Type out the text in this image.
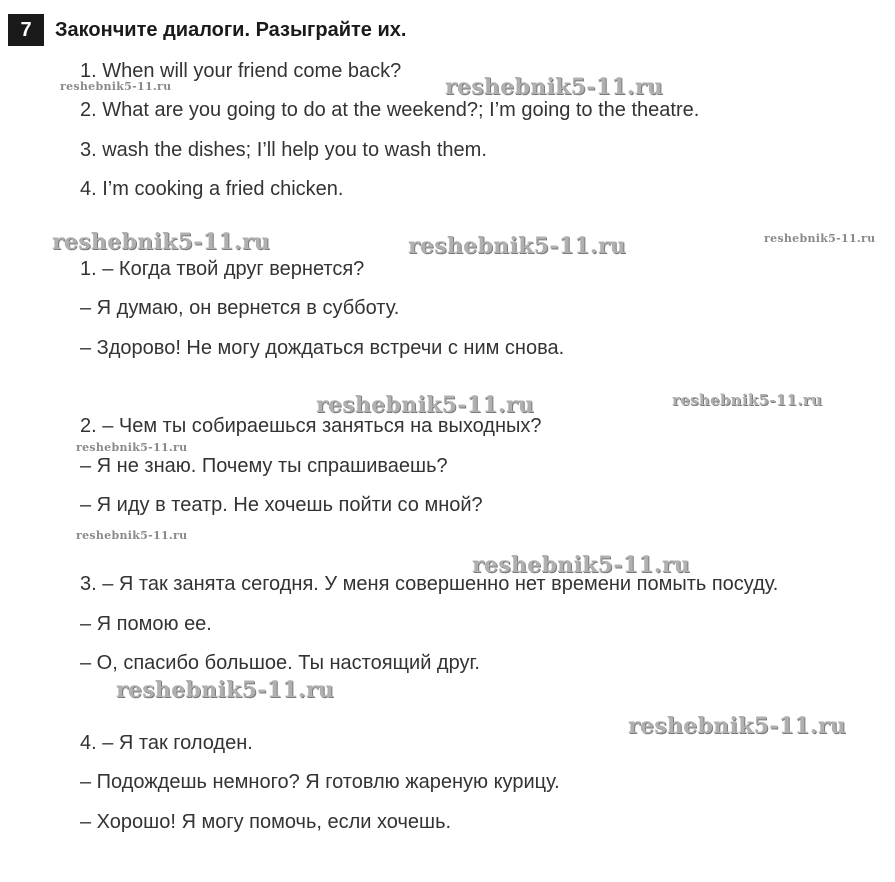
7	Закончите диалоги. Разыграйте их.
1. When will your friend come back?
2. What are you going to do at the weekend?; I’m going to the theatre.
3. wash the dishes; I’ll help you to wash them.
4. I’m cooking a fried chicken.
1. – Когда твой друг вернется?
– Я думаю, он вернется в субботу.
– Здорово! Не могу дождаться встречи с ним снова.
2. – Чем ты собираешься заняться на выходных?
– Я не знаю. Почему ты спрашиваешь?
– Я иду в театр. Не хочешь пойти со мной?
3. – Я так занята сегодня. У меня совершенно нет времени помыть посуду.
– Я помою ее.
– О, спасибо большое. Ты настоящий друг.
4. – Я так голоден.
– Подождешь немного? Я готовлю жареную курицу.
– Хорошо! Я могу помочь, если хочешь.
reshebnik5-11.ru	reshebnik5-11.ru
reshebnik5-11.ru	reshebnik5-11.ru	reshebnik5-11.ru
reshebnik5-11.ru	reshebnik5-11.ru
reshebnik5-11.ru
reshebnik5-11.ru
reshebnik5-11.ru
reshebnik5-11.ru
reshebnik5-11.ru
